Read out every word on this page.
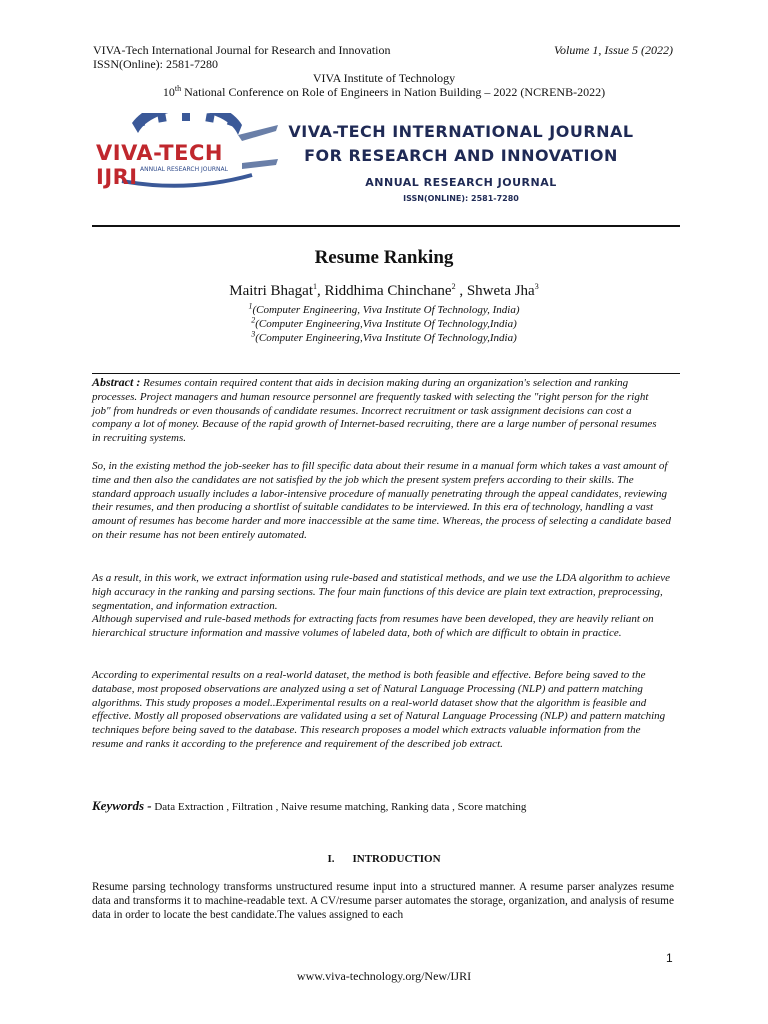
VIVA-Tech International Journal for Research and Innovation	Volume 1, Issue 5 (2022)
ISSN(Online): 2581-7280
VIVA Institute of Technology
10th National Conference on Role of Engineers in Nation Building – 2022 (NCRENB-2022)
VIVA-TECH IJRI ANNUAL RESEARCH JOURNAL
VIVA-TECH INTERNATIONAL JOURNAL
FOR RESEARCH AND INNOVATION
ANNUAL RESEARCH JOURNAL
ISSN(ONLINE): 2581-7280
Resume Ranking
Maitri Bhagat$^1$, Riddhima Chinchane$^2$ , Shweta Jha$^3$
$^1$(Computer Engineering, Viva Institute Of Technology, India)
$^2$(Computer Engineering,Viva Institute Of Technology,India)
$^3$(Computer Engineering,Viva Institute Of Technology,India)
Abstract : Resumes contain required content that aids in decision making during an organization's selection and ranking processes. Project managers and human resource personnel are frequently tasked with selecting the "right person for the right job" from hundreds or even thousands of candidate resumes. Incorrect recruitment or task assignment decisions can cost a company a lot of money. Because of the rapid growth of Internet-based recruiting, there are a large number of personal resumes in recruiting systems.
So, in the existing method the job-seeker has to fill specific data about their resume in a manual form which takes a vast amount of time and then also the candidates are not satisfied by the job which the present system prefers according to their skills. The standard approach usually includes a labor-intensive procedure of manually penetrating through the appeal candidates, reviewing their resumes, and then producing a shortlist of suitable candidates to be interviewed. In this era of technology, handling a vast amount of resumes has become harder and more inaccessible at the same time. Whereas, the process of selecting a candidate based on their resume has not been entirely automated.
As a result, in this work, we extract information using rule-based and statistical methods, and we use the LDA algorithm to achieve high accuracy in the ranking and parsing sections. The four main functions of this device are plain text extraction, preprocessing, segmentation, and information extraction.
Although supervised and rule-based methods for extracting facts from resumes have been developed, they are heavily reliant on hierarchical structure information and massive volumes of labeled data, both of which are difficult to obtain in practice.
According to experimental results on a real-world dataset, the method is both feasible and effective. Before being saved to the database, most proposed observations are analyzed using a set of Natural Language Processing (NLP) and pattern matching algorithms. This study proposes a model..Experimental results on a real-world dataset show that the algorithm is feasible and effective. Mostly all proposed observations are validated using a set of Natural Language Processing (NLP) and pattern matching techniques before being saved to the database. This research proposes a model which extracts valuable information from the resume and ranks it according to the preference and requirement of the described job extract.
Keywords - Data Extraction , Filtration , Naive resume matching, Ranking data , Score matching
I. INTRODUCTION
Resume parsing technology transforms unstructured resume input into a structured manner. A resume parser analyzes resume data and transforms it to machine-readable text. A CV/resume parser automates the storage, organization, and analysis of resume data in order to locate the best candidate.The values assigned to each
1
www.viva-technology.org/New/IJRI
